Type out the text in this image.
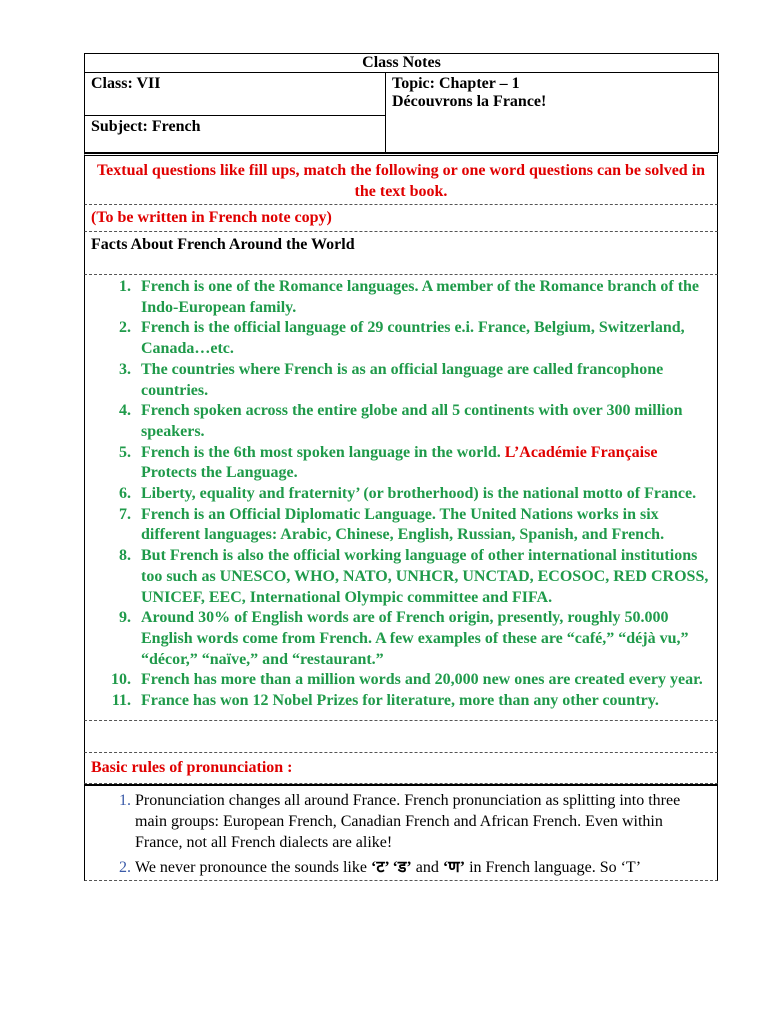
Class Notes
Class: VII	Topic: Chapter – 1
Découvrons la France!

Subject: French
Textual questions like fill ups, match the following or one word questions can be solved in the text book.
(To be written in French note copy)
Facts About French Around the World
1. French is one of the Romance languages. A member of the Romance branch of the Indo-European family.
2. French is the official language of 29 countries e.i. France, Belgium, Switzerland, Canada…etc.
3. The countries where French is as an official language are called francophone countries.
4. French spoken across the entire globe and all 5 continents with over 300 million speakers.
5. French is the 6th most spoken language in the world. L’Académie Française Protects the Language.
6. Liberty, equality and fraternity’ (or brotherhood) is the national motto of France.
7. French is an Official Diplomatic Language. The United Nations works in six different languages: Arabic, Chinese, English, Russian, Spanish, and French.
8. But French is also the official working language of other international institutions too such as UNESCO, WHO, NATO, UNHCR, UNCTAD, ECOSOC, RED CROSS, UNICEF, EEC, International Olympic committee and FIFA.
9. Around 30% of English words are of French origin, presently, roughly 50.000 English words come from French. A few examples of these are “café,” “déjà vu,” “décor,” “naïve,” and “restaurant.”
10. French has more than a million words and 20,000 new ones are created every year.
11. France has won 12 Nobel Prizes for literature, more than any other country.
Basic rules of pronunciation :
1. Pronunciation changes all around France. French pronunciation as splitting into three main groups: European French, Canadian French and African French. Even within France, not all French dialects are alike!
2. We never pronounce the sounds like ‘ट’ ‘ड’ and ‘ण’ in French language. So ‘T’
